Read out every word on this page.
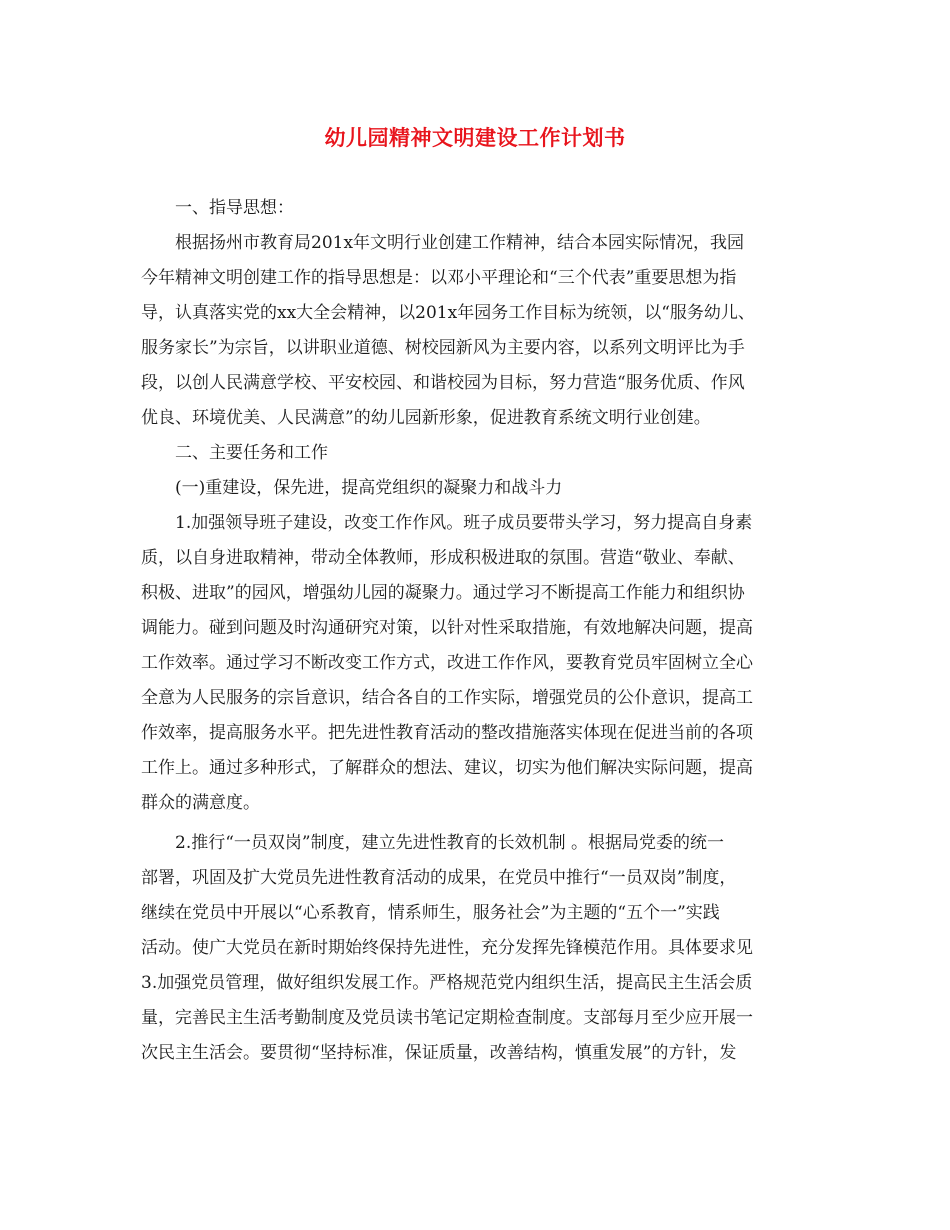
幼儿园精神文明建设工作计划书
一、指导思想：
根据扬州市教育局201x年文明行业创建工作精神，结合本园实际情况，我园
今年精神文明创建工作的指导思想是：以邓小平理论和“三个代表”重要思想为指
导，认真落实党的xx大全会精神，以201x年园务工作目标为统领，以“服务幼儿、
服务家长”为宗旨，以讲职业道德、树校园新风为主要内容，以系列文明评比为手
段，以创人民满意学校、平安校园、和谐校园为目标，努力营造“服务优质、作风
优良、环境优美、人民满意”的幼儿园新形象，促进教育系统文明行业创建。
二、主要任务和工作
(一)重建设，保先进，提高党组织的凝聚力和战斗力
1.加强领导班子建设，改变工作作风。班子成员要带头学习，努力提高自身素
质，以自身进取精神，带动全体教师，形成积极进取的氛围。营造“敬业、奉献、
积极、进取”的园风，增强幼儿园的凝聚力。通过学习不断提高工作能力和组织协
调能力。碰到问题及时沟通研究对策，以针对性采取措施，有效地解决问题，提高
工作效率。通过学习不断改变工作方式，改进工作作风，要教育党员牢固树立全心
全意为人民服务的宗旨意识，结合各自的工作实际，增强党员的公仆意识，提高工
作效率，提高服务水平。把先进性教育活动的整改措施落实体现在促进当前的各项
工作上。通过多种形式，了解群众的想法、建议，切实为他们解决实际问题，提高
群众的满意度。
2.推行“一员双岗”制度，建立先进性教育的长效机制 。根据局党委的统一
部署，巩固及扩大党员先进性教育活动的成果，在党员中推行“一员双岗”制度，
继续在党员中开展以“心系教育，情系师生，服务社会”为主题的“五个一”实践
活动。使广大党员在新时期始终保持先进性，充分发挥先锋模范作用。具体要求见
3.加强党员管理，做好组织发展工作。严格规范党内组织生活，提高民主生活会质
量，完善民主生活考勤制度及党员读书笔记定期检查制度。支部每月至少应开展一
次民主生活会。要贯彻“坚持标准，保证质量，改善结构，慎重发展”的方针，发
